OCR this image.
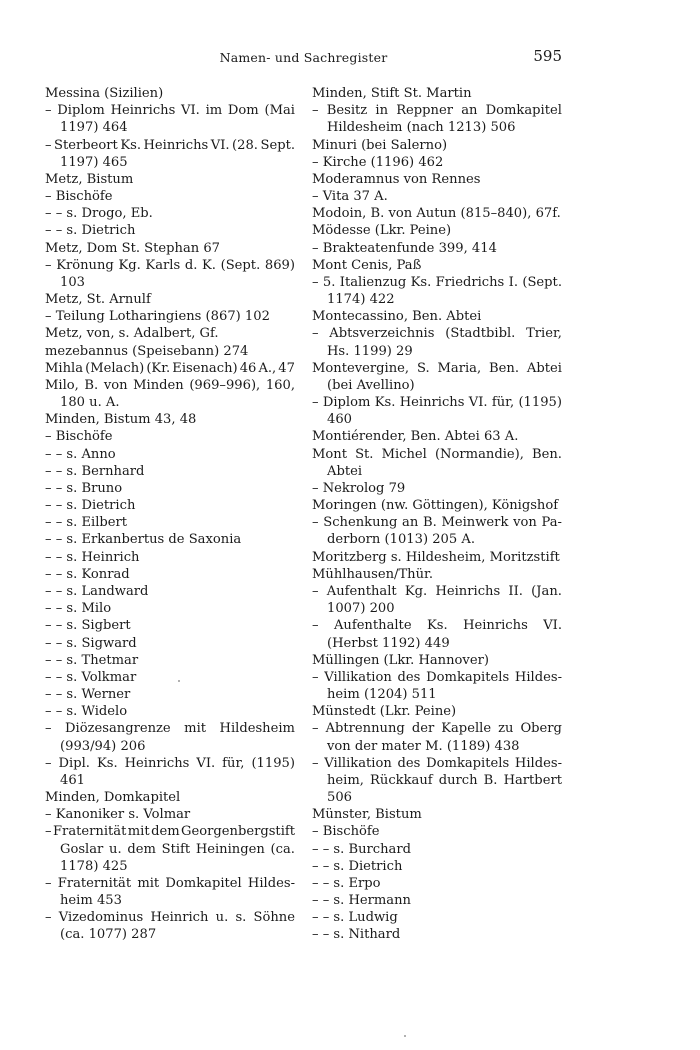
Namen- und Sachregister	595
Messina (Sizilien)
– Diplom Heinrichs VI. im Dom (Mai
1197) 464
– Sterbeort Ks. Heinrichs VI. (28. Sept.
1197) 465
Metz, Bistum
– Bischöfe
– – s. Drogo, Eb.
– – s. Dietrich
Metz, Dom St. Stephan 67
– Krönung Kg. Karls d. K. (Sept. 869)
103
Metz, St. Arnulf
– Teilung Lotharingiens (867) 102
Metz, von, s. Adalbert, Gf.
mezebannus (Speisebann) 274
Mihla (Melach) (Kr. Eisenach) 46 A., 47
Milo, B. von Minden (969–996), 160,
180 u. A.
Minden, Bistum 43, 48
– Bischöfe
– – s. Anno
– – s. Bernhard
– – s. Bruno
– – s. Dietrich
– – s. Eilbert
– – s. Erkanbertus de Saxonia
– – s. Heinrich
– – s. Konrad
– – s. Landward
– – s. Milo
– – s. Sigbert
– – s. Sigward
– – s. Thetmar
– – s. Volkmar
– – s. Werner
– – s. Widelo
– Diözesangrenze mit Hildesheim
(993/94) 206
– Dipl. Ks. Heinrichs VI. für, (1195)
461
Minden, Domkapitel
– Kanoniker s. Volmar
– Fraternität mit dem Georgenbergstift
Goslar u. dem Stift Heiningen (ca.
1178) 425
– Fraternität mit Domkapitel Hildes-
heim 453
– Vizedominus Heinrich u. s. Söhne
(ca. 1077) 287
Minden, Stift St. Martin
– Besitz in Reppner an Domkapitel
Hildesheim (nach 1213) 506
Minuri (bei Salerno)
– Kirche (1196) 462
Moderamnus von Rennes
– Vita 37 A.
Modoin, B. von Autun (815–840), 67f.
Mödesse (Lkr. Peine)
– Brakteatenfunde 399, 414
Mont Cenis, Paß
– 5. Italienzug Ks. Friedrichs I. (Sept.
1174) 422
Montecassino, Ben. Abtei
– Abtsverzeichnis (Stadtbibl. Trier,
Hs. 1199) 29
Montevergine, S. Maria, Ben. Abtei
(bei Avellino)
– Diplom Ks. Heinrichs VI. für, (1195)
460
Montiérender, Ben. Abtei 63 A.
Mont St. Michel (Normandie), Ben.
Abtei
– Nekrolog 79
Moringen (nw. Göttingen), Königshof
– Schenkung an B. Meinwerk von Pa-
derborn (1013) 205 A.
Moritzberg s. Hildesheim, Moritzstift
Mühlhausen/Thür.
– Aufenthalt Kg. Heinrichs II. (Jan.
1007) 200
– Aufenthalte Ks. Heinrichs VI.
(Herbst 1192) 449
Müllingen (Lkr. Hannover)
– Villikation des Domkapitels Hildes-
heim (1204) 511
Münstedt (Lkr. Peine)
– Abtrennung der Kapelle zu Oberg
von der mater M. (1189) 438
– Villikation des Domkapitels Hildes-
heim, Rückkauf durch B. Hartbert
506
Münster, Bistum
– Bischöfe
– – s. Burchard
– – s. Dietrich
– – s. Erpo
– – s. Hermann
– – s. Ludwig
– – s. Nithard
